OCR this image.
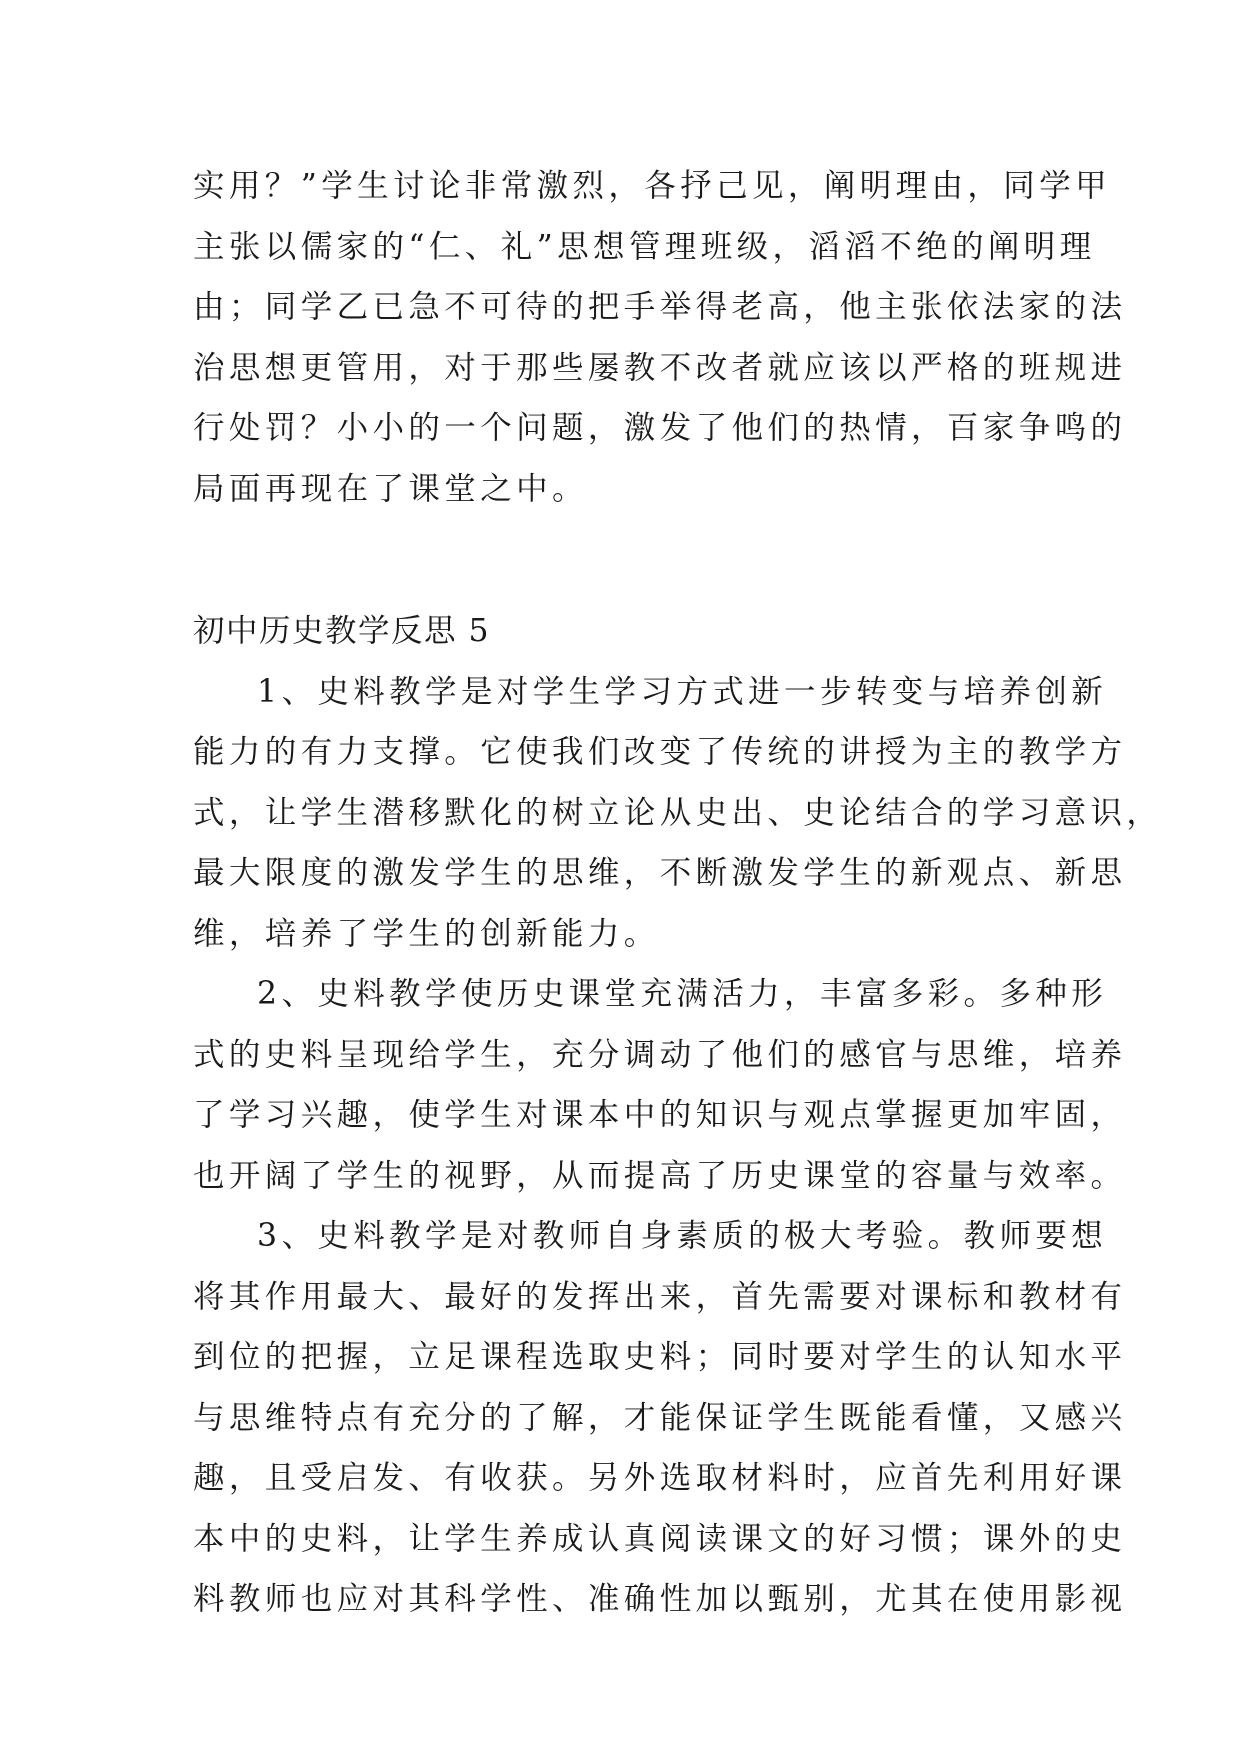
实用？”学生讨论非常激烈，各抒己见，阐明理由，同学甲
主张以儒家的“仁、礼”思想管理班级，滔滔不绝的阐明理
由；同学乙已急不可待的把手举得老高，他主张依法家的法
治思想更管用，对于那些屡教不改者就应该以严格的班规进
行处罚？小小的一个问题，激发了他们的热情，百家争鸣的
局面再现在了课堂之中。
初中历史教学反思 5
1、史料教学是对学生学习方式进一步转变与培养创新
能力的有力支撑。它使我们改变了传统的讲授为主的教学方
式，让学生潜移默化的树立论从史出、史论结合的学习意识，
最大限度的激发学生的思维，不断激发学生的新观点、新思
维，培养了学生的创新能力。
2、史料教学使历史课堂充满活力，丰富多彩。多种形
式的史料呈现给学生，充分调动了他们的感官与思维，培养
了学习兴趣，使学生对课本中的知识与观点掌握更加牢固，
也开阔了学生的视野，从而提高了历史课堂的容量与效率。
3、史料教学是对教师自身素质的极大考验。教师要想
将其作用最大、最好的发挥出来，首先需要对课标和教材有
到位的把握，立足课程选取史料；同时要对学生的认知水平
与思维特点有充分的了解，才能保证学生既能看懂，又感兴
趣，且受启发、有收获。另外选取材料时，应首先利用好课
本中的史料，让学生养成认真阅读课文的好习惯；课外的史
料教师也应对其科学性、准确性加以甄别，尤其在使用影视
